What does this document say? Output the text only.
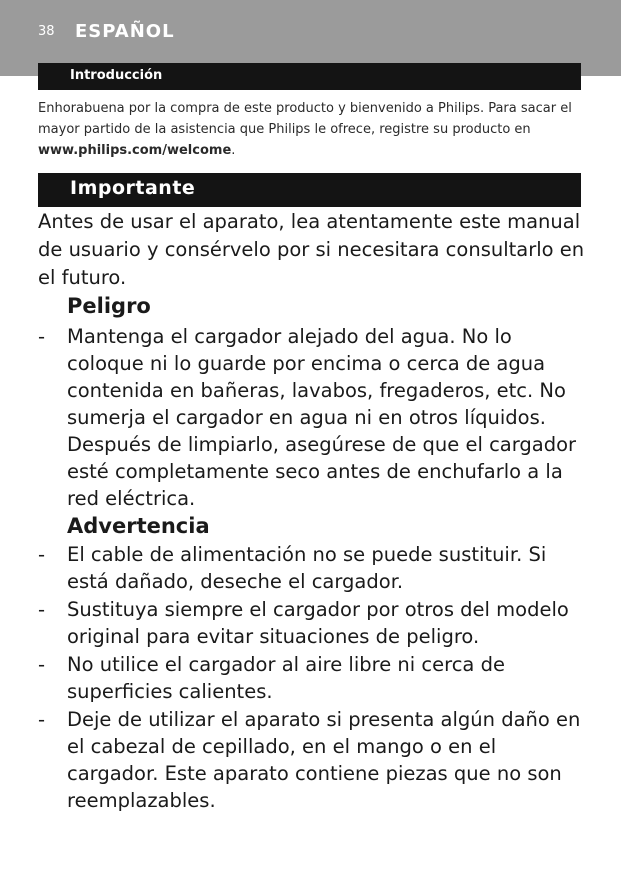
38 ESPAÑOL
Introducción
Enhorabuena por la compra de este producto y bienvenido a Philips. Para sacar el mayor partido de la asistencia que Philips le ofrece, registre su producto en www.philips.com/welcome.
Importante
Antes de usar el aparato, lea atentamente este manual de usuario y consérvelo por si necesitara consultarlo en el futuro.
Peligro
- Mantenga el cargador alejado del agua. No lo coloque ni lo guarde por encima o cerca de agua contenida en bañeras, lavabos, fregaderos, etc. No sumerja el cargador en agua ni en otros líquidos. Después de limpiarlo, asegúrese de que el cargador esté completamente seco antes de enchufarlo a la red eléctrica.
Advertencia
- El cable de alimentación no se puede sustituir. Si está dañado, deseche el cargador.
- Sustituya siempre el cargador por otros del modelo original para evitar situaciones de peligro.
- No utilice el cargador al aire libre ni cerca de superficies calientes.
- Deje de utilizar el aparato si presenta algún daño en el cabezal de cepillado, en el mango o en el cargador. Este aparato contiene piezas que no son reemplazables.
